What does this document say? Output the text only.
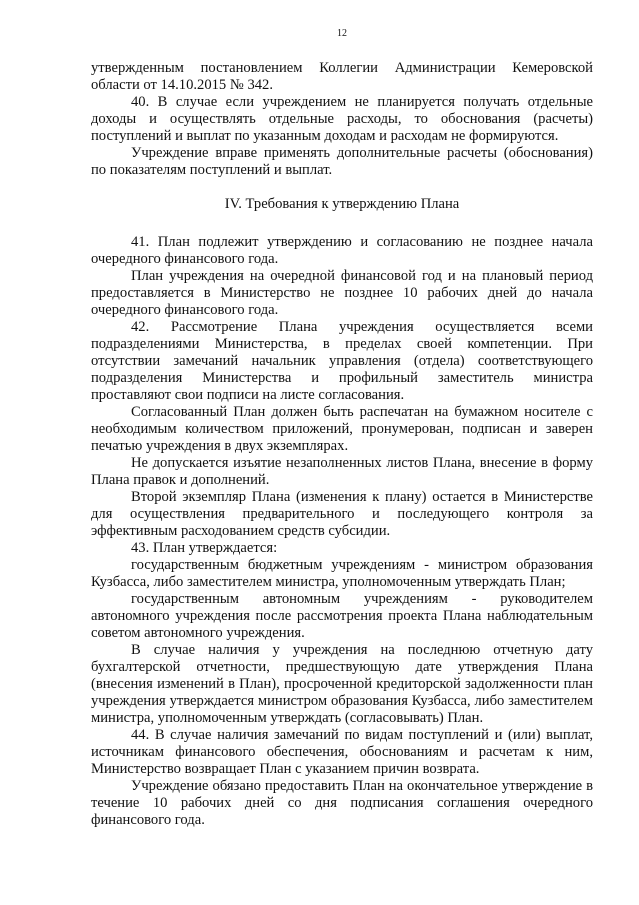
12

утвержденным постановлением Коллегии Администрации Кемеровской области от 14.10.2015 № 342.

40. В случае если учреждением не планируется получать отдельные доходы и осуществлять отдельные расходы, то обоснования (расчеты) поступлений и выплат по указанным доходам и расходам не формируются.

Учреждение вправе применять дополнительные расчеты (обоснования) по показателям поступлений и выплат.

IV. Требования к утверждению Плана

41. План подлежит утверждению и согласованию не позднее начала очередного финансового года.

План учреждения на очередной финансовой год и на плановый период предоставляется в Министерство не позднее 10 рабочих дней до начала очередного финансового года.

42. Рассмотрение Плана учреждения осуществляется всеми подразделениями Министерства, в пределах своей компетенции. При отсутствии замечаний начальник управления (отдела) соответствующего подразделения Министерства и профильный заместитель министра проставляют свои подписи на листе согласования.

Согласованный План должен быть распечатан на бумажном носителе с необходимым количеством приложений, пронумерован, подписан и заверен печатью учреждения в двух экземплярах.

Не допускается изъятие незаполненных листов Плана, внесение в форму Плана правок и дополнений.

Второй экземпляр Плана (изменения к плану) остается в Министерстве для осуществления предварительного и последующего контроля за эффективным расходованием средств субсидии.

43. План утверждается:

государственным бюджетным учреждениям - министром образования Кузбасса, либо заместителем министра, уполномоченным утверждать План;

государственным автономным учреждениям - руководителем автономного учреждения после рассмотрения проекта Плана наблюдательным советом автономного учреждения.

В случае наличия у учреждения на последнюю отчетную дату бухгалтерской отчетности, предшествующую дате утверждения Плана (внесения изменений в План), просроченной кредиторской задолженности план учреждения утверждается министром образования Кузбасса, либо заместителем министра, уполномоченным утверждать (согласовывать) План.

44. В случае наличия замечаний по видам поступлений и (или) выплат, источникам финансового обеспечения, обоснованиям и расчетам к ним, Министерство возвращает План с указанием причин возврата.

Учреждение обязано предоставить План на окончательное утверждение в течение 10 рабочих дней со дня подписания соглашения очередного финансового года.
